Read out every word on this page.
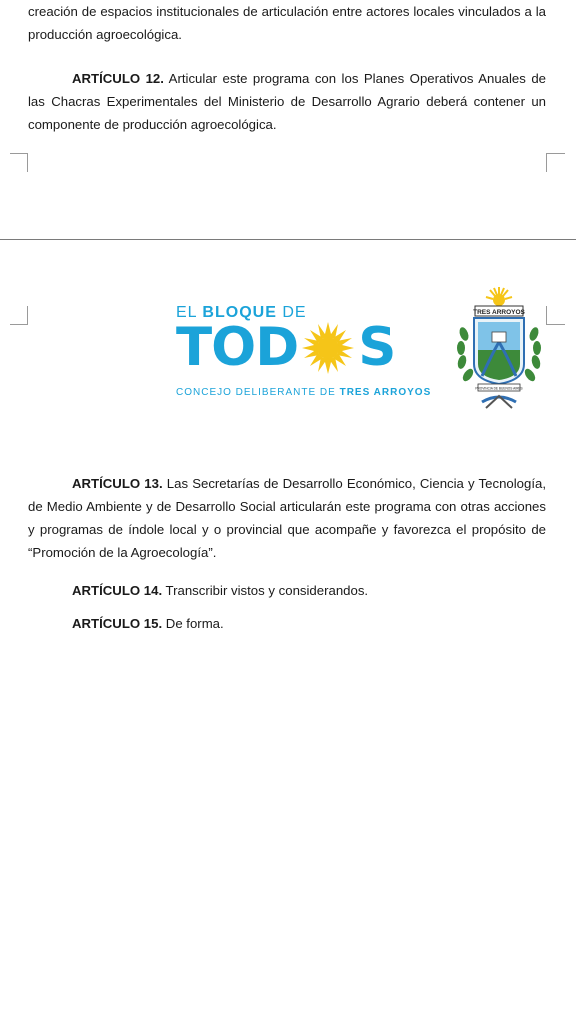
creación de espacios institucionales de articulación entre actores locales vinculados a la producción agroecológica.

ARTÍCULO 12. Articular este programa con los Planes Operativos Anuales de las Chacras Experimentales del Ministerio de Desarrollo Agrario deberá contener un componente de producción agroecológica.

EL BLOQUE DE
TOD S
CONCEJO DELIBERANTE DE TRES ARROYOS
TRES ARROYOS
PROVINCIA DE BUENOS AIRES

ARTÍCULO 13. Las Secretarías de Desarrollo Económico, Ciencia y Tecnología, de Medio Ambiente y de Desarrollo Social articularán este programa con otras acciones y programas de índole local y o provincial que acompañe y favorezca el propósito de “Promoción de la Agroecología”.

ARTÍCULO 14. Transcribir vistos y considerandos.

ARTÍCULO 15. De forma.
